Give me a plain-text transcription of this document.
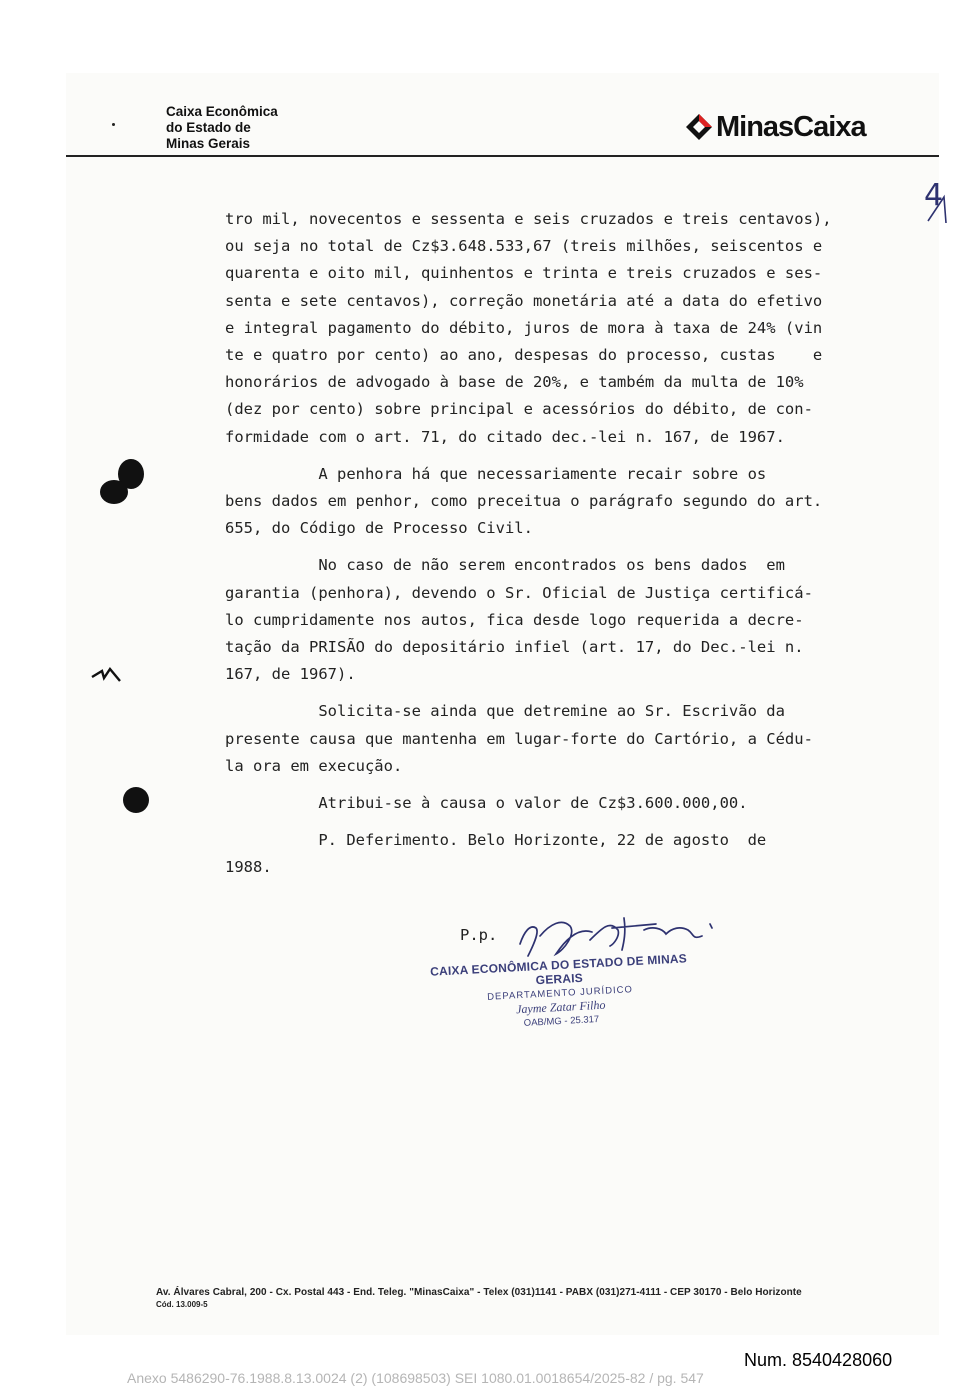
Caixa Econômica
do Estado de
Minas Gerais
MinasCaixa
4

tro mil, novecentos e sessenta e seis cruzados e treis centavos),

ou seja no total de Cz$3.648.533,67 (treis milhões, seiscentos e

quarenta e oito mil, quinhentos e trinta e treis cruzados e ses-

senta e sete centavos), correção monetária até a data do efetivo

e integral pagamento do débito, juros de mora à taxa de 24% (vin

te e quatro por cento) ao ano, despesas do processo, custas    e

honorários de advogado à base de 20%, e também da multa de 10%

(dez por cento) sobre principal e acessórios do débito, de con-

formidade com o art. 71, do citado dec.-lei n. 167, de 1967.

A penhora há que necessariamente recair sobre os

bens dados em penhor, como preceitua o parágrafo segundo do art.

655, do Código de Processo Civil.

No caso de não serem encontrados os bens dados  em

garantia (penhora), devendo o Sr. Oficial de Justiça certificá-

lo cumpridamente nos autos, fica desde logo requerida a decre-

tação da PRISÃO do depositário infiel (art. 17, do Dec.-lei n.

167, de 1967).

Solicita-se ainda que detremine ao Sr. Escrivão da

presente causa que mantenha em lugar-forte do Cartório, a Cédu-

la ora em execução.

Atribui-se à causa o valor de Cz$3.600.000,00.

P. Deferimento. Belo Horizonte, 22 de agosto  de

1988.

P.p.
CAIXA ECONÔMICA DO ESTADO DE MINAS GERAIS
DEPARTAMENTO JURÍDICO
Jayme Zatar Filho
OAB/MG - 25.317
Av. Álvares Cabral, 200 - Cx. Postal 443 - End. Teleg. "MinasCaixa" - Telex (031)1141 - PABX (031)271-4111 - CEP 30170 - Belo Horizonte
Cód. 13.009-5
Num. 8540428060
Anexo 5486290-76.1988.8.13.0024 (2) (108698503) SEI 1080.01.0018654/2025-82 / pg. 547
